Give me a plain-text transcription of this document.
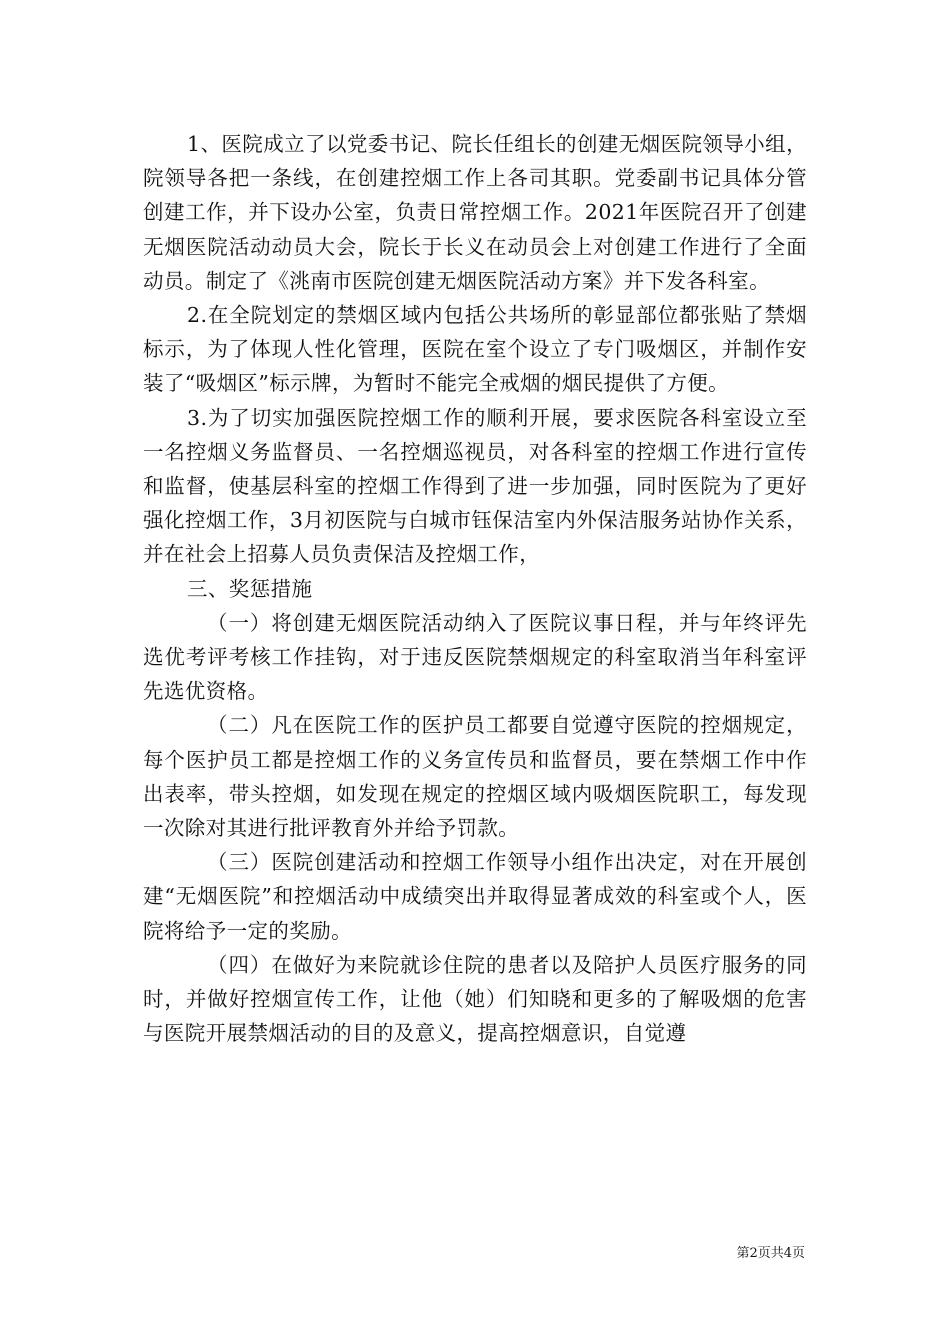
1、医院成立了以党委书记、院长任组长的创建无烟医院领导小组，院领导各把一条线，在创建控烟工作上各司其职。党委副书记具体分管创建工作，并下设办公室，负责日常控烟工作。2021年医院召开了创建无烟医院活动动员大会，院长于长义在动员会上对创建工作进行了全面动员。制定了《洮南市医院创建无烟医院活动方案》并下发各科室。

2.在全院划定的禁烟区域内包括公共场所的彰显部位都张贴了禁烟标示，为了体现人性化管理，医院在室个设立了专门吸烟区，并制作安装了“吸烟区”标示牌，为暂时不能完全戒烟的烟民提供了方便。

3.为了切实加强医院控烟工作的顺利开展，要求医院各科室设立至一名控烟义务监督员、一名控烟巡视员，对各科室的控烟工作进行宣传和监督，使基层科室的控烟工作得到了进一步加强，同时医院为了更好强化控烟工作，3月初医院与白城市钰保洁室内外保洁服务站协作关系，并在社会上招募人员负责保洁及控烟工作，

三、奖惩措施

（一）将创建无烟医院活动纳入了医院议事日程，并与年终评先选优考评考核工作挂钩，对于违反医院禁烟规定的科室取消当年科室评先选优资格。

（二）凡在医院工作的医护员工都要自觉遵守医院的控烟规定，每个医护员工都是控烟工作的义务宣传员和监督员，要在禁烟工作中作出表率，带头控烟，如发现在规定的控烟区域内吸烟医院职工，每发现一次除对其进行批评教育外并给予罚款。

（三）医院创建活动和控烟工作领导小组作出决定，对在开展创建“无烟医院”和控烟活动中成绩突出并取得显著成效的科室或个人，医院将给予一定的奖励。

（四）在做好为来院就诊住院的患者以及陪护人员医疗服务的同时，并做好控烟宣传工作，让他（她）们知晓和更多的了解吸烟的危害与医院开展禁烟活动的目的及意义，提高控烟意识，自觉遵

第2页共4页
